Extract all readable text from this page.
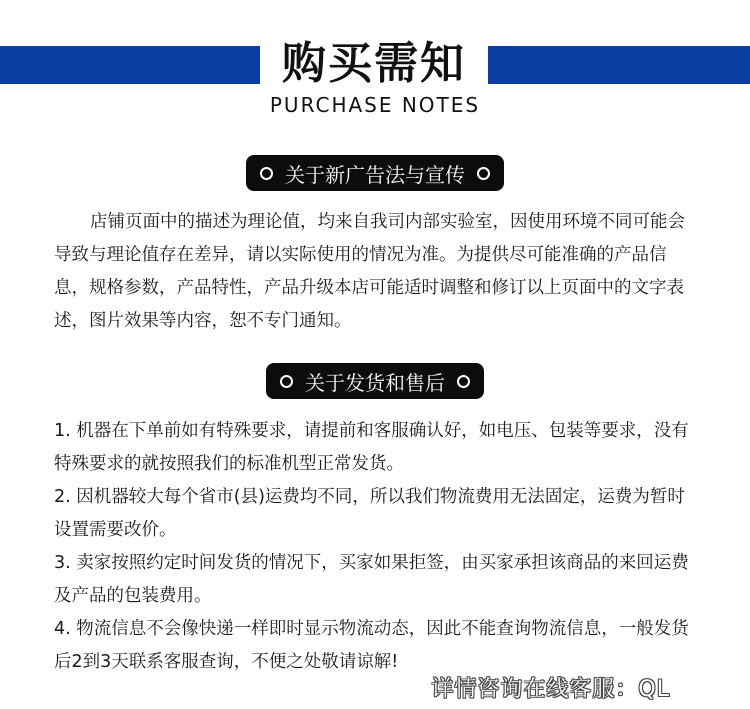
购买需知
PURCHASE NOTES
关于新广告法与宣传
店铺页面中的描述为理论值，均来自我司内部实验室，因使用环境不同可能会导致与理论值存在差异，请以实际使用的情况为准。为提供尽可能准确的产品信息，规格参数，产品特性，产品升级本店可能适时调整和修订以上页面中的文字表述，图片效果等内容，恕不专门通知。
关于发货和售后
1. 机器在下单前如有特殊要求，请提前和客服确认好，如电压、包装等要求，没有特殊要求的就按照我们的标准机型正常发货。
2. 因机器较大每个省市(县)运费均不同，所以我们物流费用无法固定，运费为暂时设置需要改价。
3. 卖家按照约定时间发货的情况下，买家如果拒签，由买家承担该商品的来回运费及产品的包装费用。
4. 物流信息不会像快递一样即时显示物流动态，因此不能查询物流信息，一般发货后2到3天联系客服查询，不便之处敬请谅解!
详情咨询在线客服：QL
